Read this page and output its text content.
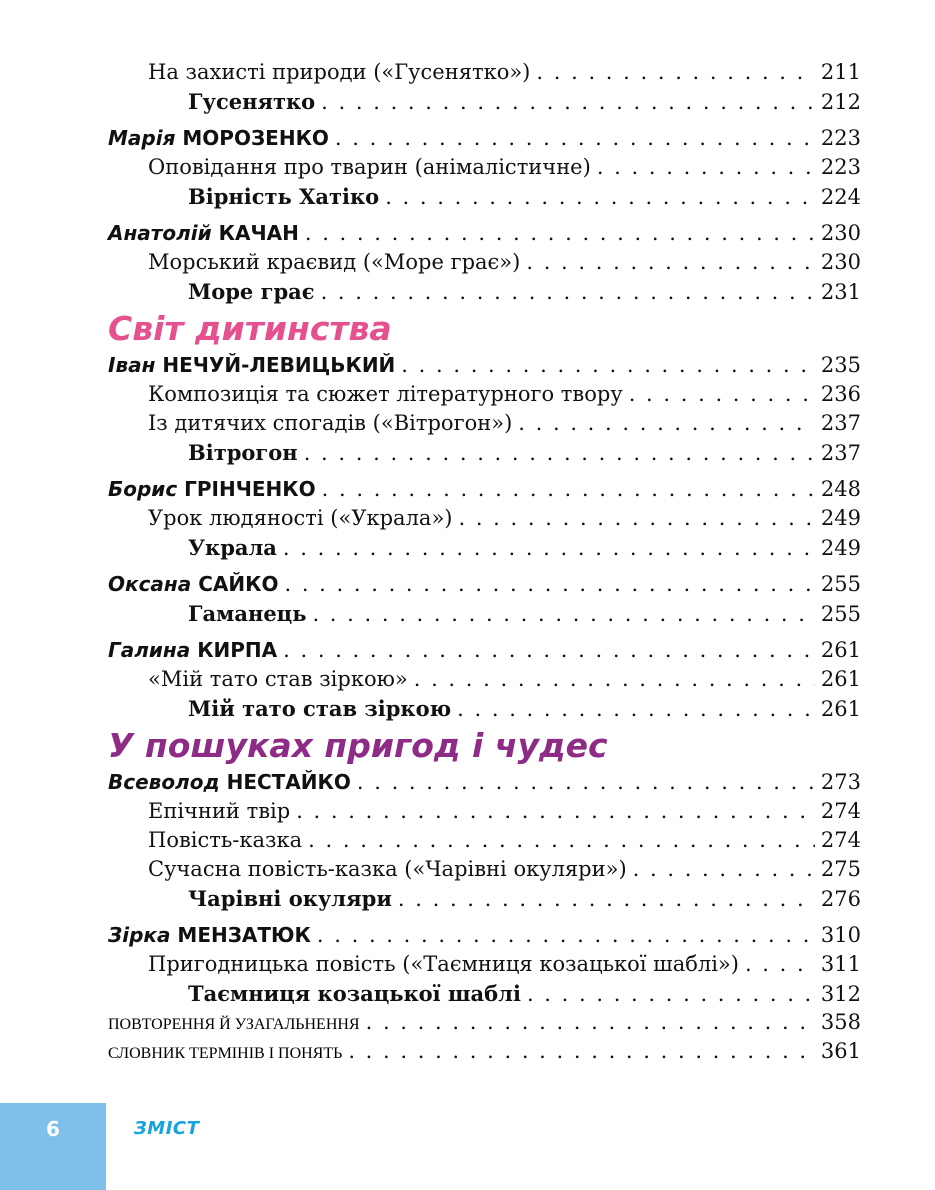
На захисті природи («Гусенятко») . . .	211
Гусенятко . . .	212
Марія МОРОЗЕНКО . . .	223
Оповідання про тварин (анімалістичне) . . .	223
Вірність Хатіко . . .	224
Анатолій КАЧАН . . .	230
Морський краєвид («Море грає») . . .	230
Море грає . . .	231
Світ дитинства
Іван НЕЧУЙ-ЛЕВИЦЬКИЙ . . .	235
Композиція та сюжет літературного твору . . .	236
Із дитячих спогадів («Вітрогон») . . .	237
Вітрогон . . .	237
Борис ГРІНЧЕНКО . . .	248
Урок людяності («Украла») . . .	249
Украла . . .	249
Оксана САЙКО . . .	255
Гаманець . . .	255
Галина КИРПА . . .	261
«Мій тато став зіркою» . . .	261
Мій тато став зіркою . . .	261
У пошуках пригод і чудес
Всеволод НЕСТАЙКО . . .	273
Епічний твір . . .	274
Повість-казка . . .	274
Сучасна повість-казка («Чарівні окуляри») . . .	275
Чарівні окуляри . . .	276
Зірка МЕНЗАТЮК . . .	310
Пригодницька повість («Таємниця козацької шаблі») . . .	311
Таємниця козацької шаблі . . .	312
ПОВТОРЕННЯ Й УЗАГАЛЬНЕННЯ . . .	358
СЛОВНИК ТЕРМІНІВ І ПОНЯТЬ . . .	361
6	ЗМІСТ
